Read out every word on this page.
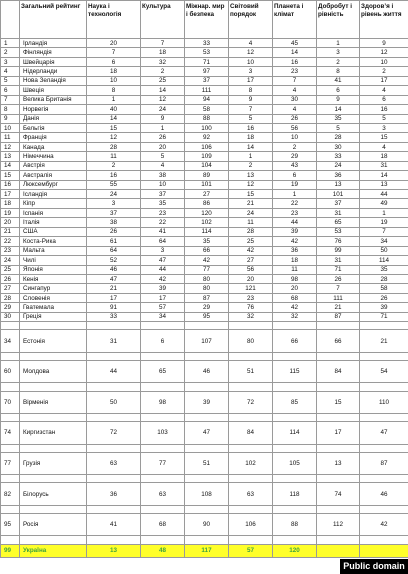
	Загальний рейтинг	Наука і технологія	Культура	Міжнар. мир і безпека	Світовий порядок	Планета і клімат	Добробут і рівність	Здоров’я і рівень життя
1	Ірландія	20	7	33	4	45	1	9
2	Фінляндія	7	18	53	12	14	3	12
3	Швейцарія	6	32	71	10	16	2	10
4	Нідерланди	18	2	97	3	23	8	2
5	Нова Зеландія	10	25	37	17	7	41	17
6	Швеція	8	14	111	8	4	6	4
7	Велика Британія	1	12	94	9	30	9	6
8	Норвегія	40	24	58	7	4	14	16
9	Данія	14	9	88	5	26	35	5
10	Бельгія	15	1	100	16	56	5	3
11	Франція	12	26	92	18	10	28	15
12	Канада	28	20	106	14	2	30	4
13	Німеччина	11	5	109	1	29	33	18
14	Австрія	2	4	104	2	43	24	31
15	Австралія	16	38	89	13	6	36	14
16	Люксембург	55	10	101	12	19	13	13
17	Ісландія	24	37	27	15	1	101	44
18	Кіпр	3	35	86	21	22	37	49
19	Іспанія	37	23	120	24	23	31	1
20	Італія	38	22	102	11	44	65	19
21	США	26	41	114	28	39	53	7
22	Коста-Рика	61	64	35	25	42	76	34
23	Мальта	64	3	66	42	36	99	50
24	Чилі	52	47	42	27	18	31	114
25	Японія	46	44	77	56	11	71	35
26	Кенія	47	42	80	20	98	26	28
27	Сингапур	21	39	80	121	20	7	58
28	Словенія	17	17	87	23	68	111	26
29	Гватемала	91	57	29	76	42	21	39
30	Греція	33	34	95	32	32	87	71

34	Естонія	31	6	107	80	66	66	21

60	Молдова	44	65	46	51	115	84	54

70	Вірменія	50	98	39	72	85	15	110

74	Киргизстан	72	103	47	84	114	17	47

77	Грузія	63	77	51	102	105	13	87

82	Білорусь	36	63	108	63	118	74	46

95	Росія	41	68	90	106	88	112	42

99	Україна	13	48	117	57	120		
Public domain
